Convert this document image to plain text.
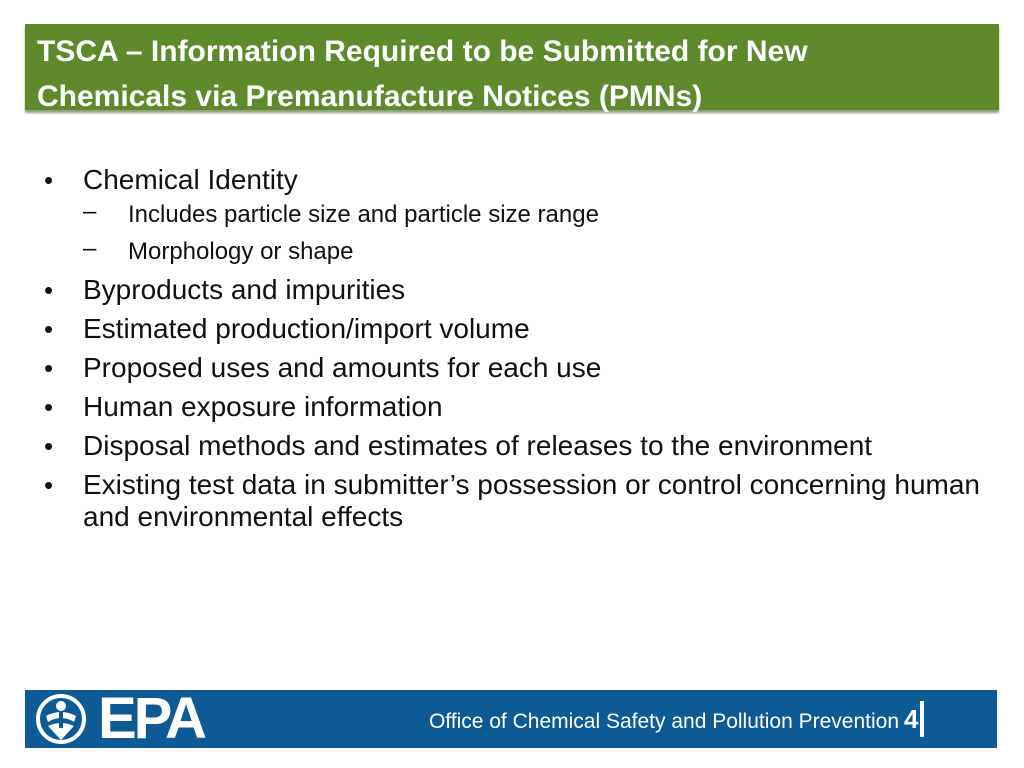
TSCA – Information Required to be Submitted for New
Chemicals via Premanufacture Notices (PMNs)
• Chemical Identity
– Includes particle size and particle size range
– Morphology or shape
• Byproducts and impurities
• Estimated production/import volume
• Proposed uses and amounts for each use
• Human exposure information
• Disposal methods and estimates of releases to the environment
• Existing test data in submitter’s possession or control concerning human and environmental effects
EPA	Office of Chemical Safety and Pollution Prevention 4
